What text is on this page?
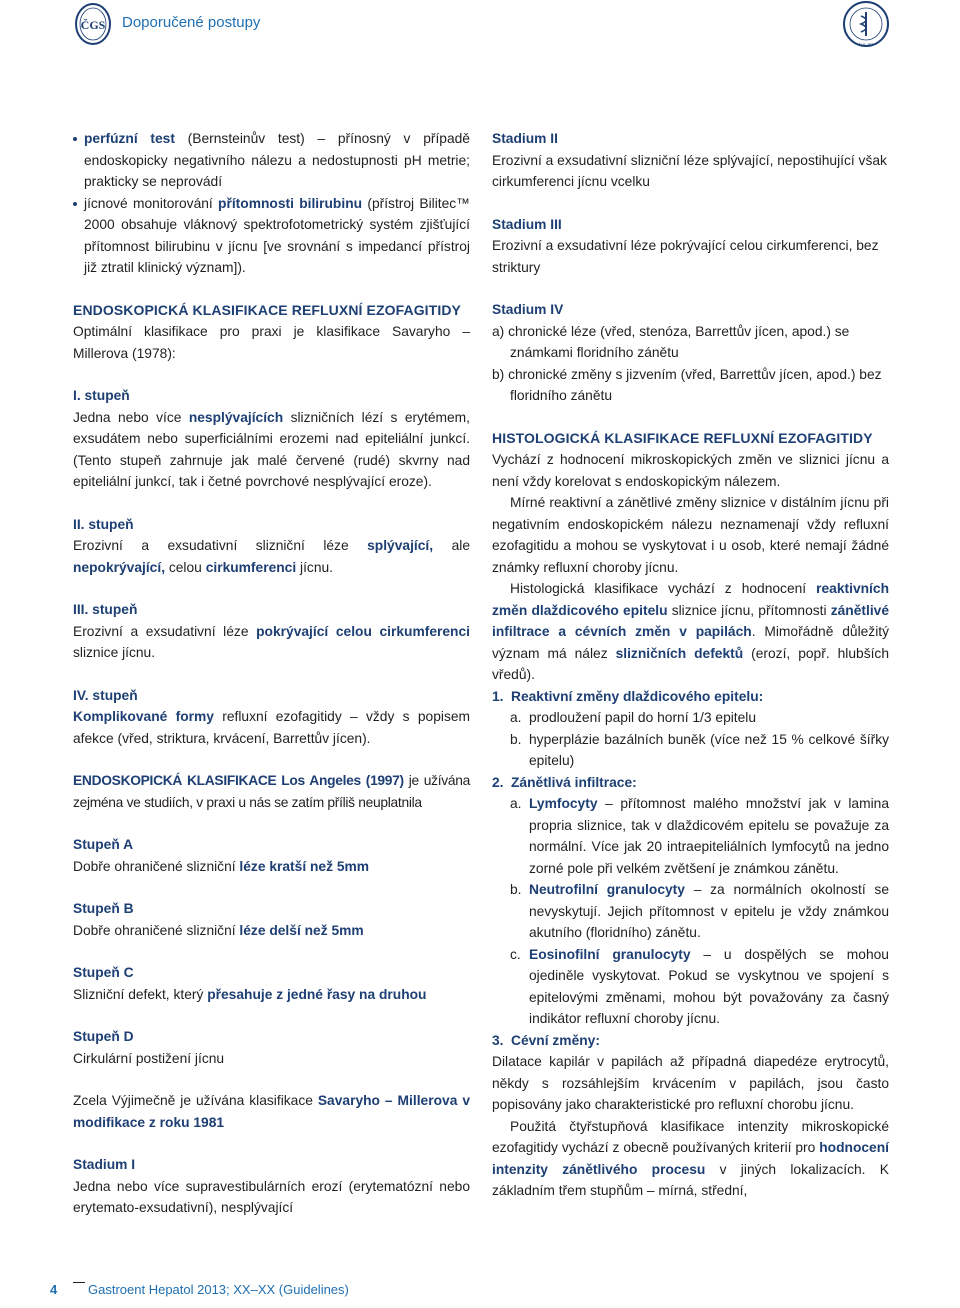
ČGS Doporučené postupy
ČLS JEP
perfúzní test (Bernsteinův test) – přínosný v případě endoskopicky negativního nálezu a nedostupnosti pH metrie; prakticky se neprovádí
jícnové monitorování přítomnosti bilirubinu (přístroj Bilitec™ 2000 obsahuje vláknový spektrofotometrický systém zjišťující přítomnost bilirubinu v jícnu [ve srovnání s impedancí přístroj již ztratil klinický význam]).

ENDOSKOPICKÁ KLASIFIKACE REFLUXNÍ EZOFAGITIDY

Optimální klasifikace pro praxi je klasifikace Savaryho – Millerova (1978):

I. stupeň

Jedna nebo více nesplývajících slizničních lézí s erytémem, exsudátem nebo superficiálními erozemi nad epiteliální junkcí. (Tento stupeň zahrnuje jak malé červené (rudé) skvrny nad epiteliální junkcí, tak i četné povrchové nesplývající eroze).

II. stupeň

Erozivní a exsudativní slizniční léze splývající, ale nepokrývající, celou cirkumferenci jícnu.

III. stupeň

Erozivní a exsudativní léze pokrývající celou cirkumferenci sliznice jícnu.

IV. stupeň

Komplikované formy refluxní ezofagitidy – vždy s popisem afekce (vřed, striktura, krvácení, Barrettův jícen).

ENDOSKOPICKÁ KLASIFIKACE Los Angeles (1997) je užívána zejména ve studiích, v praxi u nás se zatím příliš neuplatnila

Stupeň A

Dobře ohraničené slizniční léze kratší než 5mm

Stupeň B

Dobře ohraničené slizniční léze delší než 5mm

Stupeň C

Slizniční defekt, který přesahuje z jedné řasy na druhou

Stupeň D

Cirkulární postižení jícnu

Zcela Výjimečně je užívána klasifikace Savaryho – Millerova v modifikace z roku 1981

Stadium I

Jedna nebo více supravestibulárních erozí (erytematózní nebo erytemato-exsudativní), nesplývající

Stadium II

Erozivní a exsudativní slizniční léze splývající, nepostihující však cirkumferenci jícnu vcelku

Stadium III

Erozivní a exsudativní léze pokrývající celou cirkumferenci, bez striktury

Stadium IV

a) chronické léze (vřed, stenóza, Barrettův jícen, apod.) se známkami floridního zánětu

b) chronické změny s jizvením (vřed, Barrettův jícen, apod.) bez floridního zánětu

HISTOLOGICKÁ KLASIFIKACE REFLUXNÍ EZOFAGITIDY

Vychází z hodnocení mikroskopických změn ve sliznici jícnu a není vždy korelovat s endoskopickým nálezem.

Mírné reaktivní a zánětlivé změny sliznice v distálním jícnu při negativním endoskopickém nálezu neznamenají vždy refluxní ezofagitidu a mohou se vyskytovat i u osob, které nemají žádné známky refluxní choroby jícnu.

Histologická klasifikace vychází z hodnocení reaktivních změn dlaždicového epitelu sliznice jícnu, přítomnosti zánětlivé infiltrace a cévních změn v papilách. Mimořádně důležitý význam má nález slizničních defektů (erozí, popř. hlubších vředů).

1. Reaktivní změny dlaždicového epitelu:
a. prodloužení papil do horní 1/3 epitelu
b. hyperplázie bazálních buněk (více než 15 % celkové šířky epitelu)
2. Zánětlivá infiltrace:
a. Lymfocyty – přítomnost malého množství jak v lamina propria sliznice, tak v dlaždicovém epitelu se považuje za normální. Více jak 20 intraepiteliálních lymfocytů na jedno zorné pole při velkém zvětšení je známkou zánětu.
b. Neutrofilní granulocyty – za normálních okolností se nevyskytují. Jejich přítomnost v epitelu je vždy známkou akutního (floridního) zánětu.
c. Eosinofilní granulocyty – u dospělých se mohou ojediněle vyskytovat. Pokud se vyskytnou ve spojení s epitelovými změnami, mohou být považovány za časný indikátor refluxní choroby jícnu.
3. Cévní změny:

Dilatace kapilár v papilách až případná diapedéze erytrocytů, někdy s rozsáhlejším krvácením v papilách, jsou často popisovány jako charakteristické pro refluxní chorobu jícnu.

Použitá čtyřstupňová klasifikace intenzity mikroskopické ezofagitidy vychází z obecně používaných kriterií pro hodnocení intenzity zánětlivého procesu v jiných lokalizacích. K základním třem stupňům – mírná, střední,

4 Gastroent Hepatol 2013; XX–XX (Guidelines)
